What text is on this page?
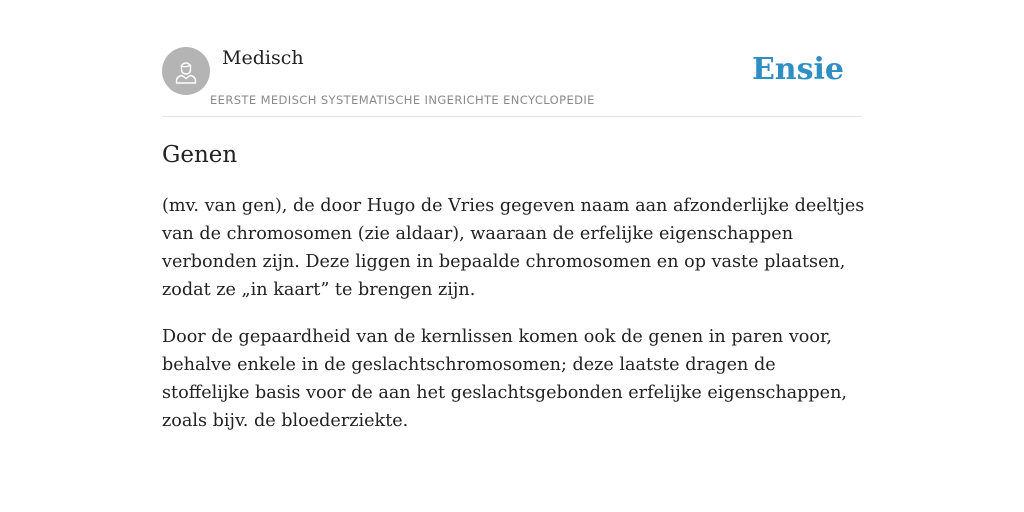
Medisch
EERSTE MEDISCH SYSTEMATISCHE INGERICHTE ENCYCLOPEDIE
Ensie
Genen

(mv. van gen), de door Hugo de Vries gegeven naam aan afzonderlijke deeltjes van de chromosomen (zie aldaar), waaraan de erfelijke eigenschappen verbonden zijn. Deze liggen in bepaalde chromosomen en op vaste plaatsen, zodat ze „in kaart” te brengen zijn.

Door de gepaardheid van de kernlissen komen ook de genen in paren voor, behalve enkele in de geslachtschromosomen; deze laatste dragen de stoffelijke basis voor de aan het geslachtsgebonden erfelijke eigenschappen, zoals bijv. de bloederziekte.
